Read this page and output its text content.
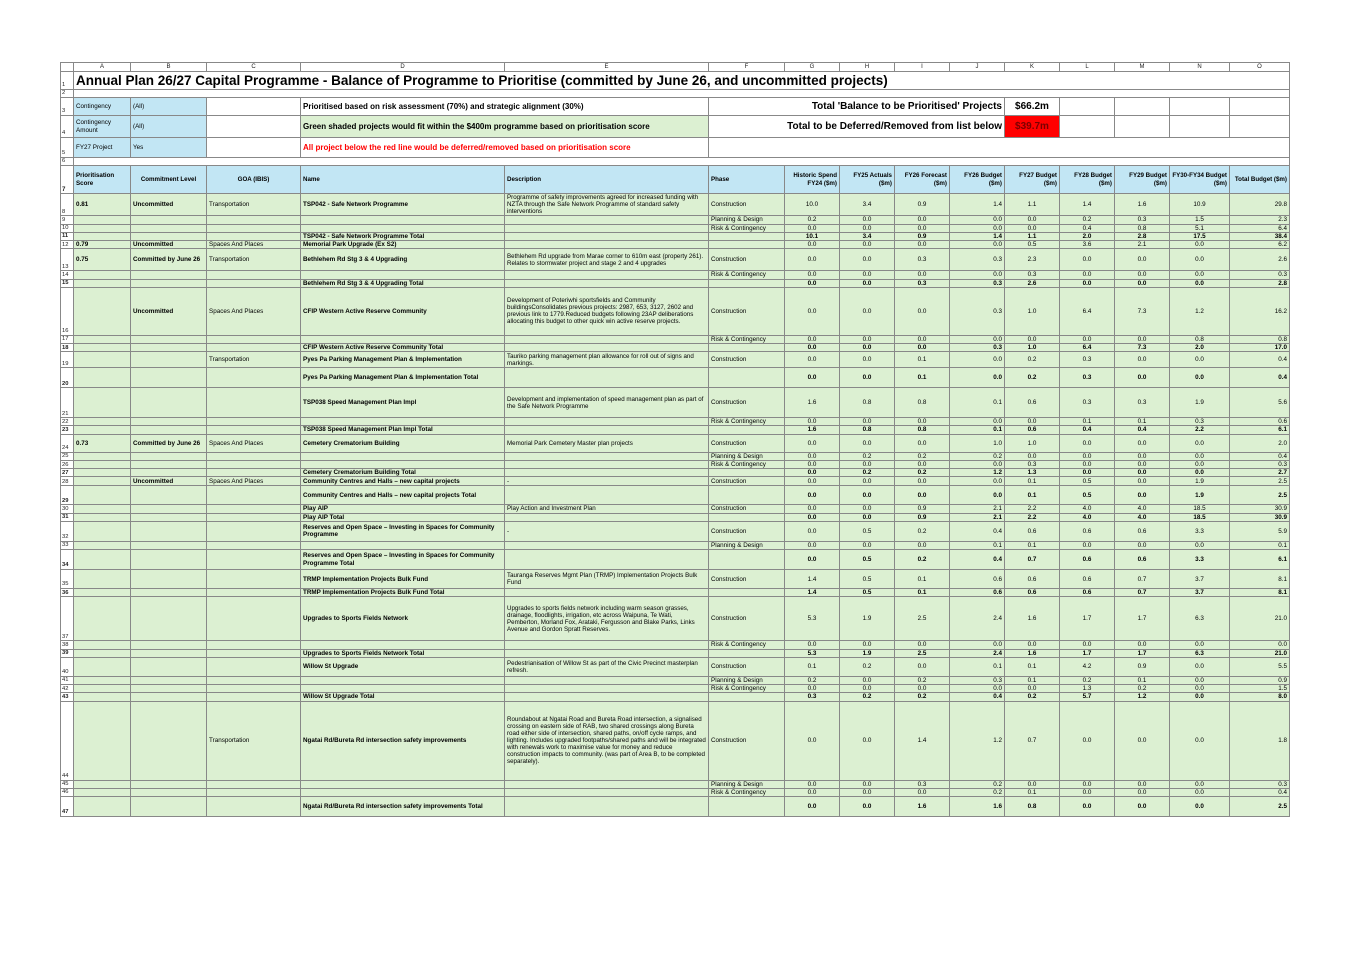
	A	B	C	D	E	F	G	H	I	J	K	L	M	N	O
1	Annual Plan 26/27 Capital Programme - Balance of Programme to Prioritise (committed by June 26, and uncommitted projects)														
2															
3	Contingency	(All)		Prioritised based on risk assessment (70%) and strategic alignment (30%)		Total 'Balance to be Prioritised' Projects					$66.2m				
4	Contingency Amount	(All)		Green shaded projects would fit within the $400m programme based on prioritisation score		Total to be Deferred/Removed from list below					$39.7m				
5	FY27 Project	Yes		All project below the red line would be deferred/removed based on prioritisation score											
6															
7	Prioritisation Score	Commitment Level	GOA (IBIS)	Name	Description	Phase	Historic Spend FY24 ($m)	FY25 Actuals ($m)	FY26 Forecast ($m)	FY26 Budget ($m)	FY27 Budget ($m)	FY28 Budget ($m)	FY29 Budget ($m)	FY30-FY34 Budget ($m)	Total Budget ($m)
8	0.81	Uncommitted	Transportation	TSP042 - Safe Network Programme	Programme of safety improvements agreed for increased funding with NZTA through the Safe Network Programme of standard safety interventions	Construction	10.0	3.4	0.9	1.4	1.1	1.4	1.6	10.9	29.8
9						Planning & Design	0.2	0.0	0.0	0.0	0.0	0.2	0.3	1.5	2.3
10						Risk & Contingency	0.0	0.0	0.0	0.0	0.0	0.4	0.8	5.1	6.4
11				TSP042 - Safe Network Programme Total			10.1	3.4	0.9	1.4	1.1	2.0	2.8	17.5	38.4
12	0.79	Uncommitted	Spaces And Places	Memorial Park Upgrade (Ex S2)			0.0	0.0	0.0	0.0	0.5	3.6	2.1	0.0	6.2
13	0.75	Committed by June 26	Transportation	Bethlehem Rd Stg 3 & 4 Upgrading	Bethlehem Rd upgrade from Marae corner to 610m east (property 261). Relates to stormwater project and stage 2 and 4 upgrades	Construction	0.0	0.0	0.3	0.3	2.3	0.0	0.0	0.0	2.6
14						Risk & Contingency	0.0	0.0	0.0	0.0	0.3	0.0	0.0	0.0	0.3
15				Bethlehem Rd Stg 3 & 4 Upgrading Total			0.0	0.0	0.3	0.3	2.6	0.0	0.0	0.0	2.8
16		Uncommitted	Spaces And Places	CFIP Western Active Reserve Community	Development of Poteriwhi sportsfields and Community buildingsConsolidates previous projects: 2987, 653, 3127, 2602 and previous link to 1779.Reduced budgets following 23AP deliberations allocating this budget to other quick win active reserve projects.	Construction	0.0	0.0	0.0	0.3	1.0	6.4	7.3	1.2	16.2
17						Risk & Contingency	0.0	0.0	0.0	0.0	0.0	0.0	0.0	0.8	0.8
18				CFIP Western Active Reserve Community Total			0.0	0.0	0.0	0.3	1.0	6.4	7.3	2.0	17.0
19			Transportation	Pyes Pa Parking Management Plan & Implementation	Tauriko parking management plan allowance for roll out of signs and markings.	Construction	0.0	0.0	0.1	0.0	0.2	0.3	0.0	0.0	0.4
20				Pyes Pa Parking Management Plan & Implementation Total			0.0	0.0	0.1	0.0	0.2	0.3	0.0	0.0	0.4
21				TSP038 Speed Management Plan Impl	Development and implementation of speed management plan as part of the Safe Network Programme	Construction	1.6	0.8	0.8	0.1	0.6	0.3	0.3	1.9	5.6
22						Risk & Contingency	0.0	0.0	0.0	0.0	0.0	0.1	0.1	0.3	0.6
23				TSP038 Speed Management Plan Impl Total			1.6	0.8	0.8	0.1	0.6	0.4	0.4	2.2	6.1
24	0.73	Committed by June 26	Spaces And Places	Cemetery Crematorium Building	Memorial Park Cemetery Master plan projects	Construction	0.0	0.0	0.0	1.0	1.0	0.0	0.0	0.0	2.0
25						Planning & Design	0.0	0.2	0.2	0.2	0.0	0.0	0.0	0.0	0.4
26						Risk & Contingency	0.0	0.0	0.0	0.0	0.3	0.0	0.0	0.0	0.3
27				Cemetery Crematorium Building Total			0.0	0.2	0.2	1.2	1.3	0.0	0.0	0.0	2.7
28		Uncommitted	Spaces And Places	Community Centres and Halls – new capital projects	-	Construction	0.0	0.0	0.0	0.0	0.1	0.5	0.0	1.9	2.5
29				Community Centres and Halls – new capital projects Total			0.0	0.0	0.0	0.0	0.1	0.5	0.0	1.9	2.5
30				Play AIP	Play Action and Investment Plan	Construction	0.0	0.0	0.9	2.1	2.2	4.0	4.0	18.5	30.9
31				Play AIP Total			0.0	0.0	0.9	2.1	2.2	4.0	4.0	18.5	30.9
32				Reserves and Open Space – Investing in Spaces for Community Programme	-	Construction	0.0	0.5	0.2	0.4	0.6	0.6	0.6	3.3	5.9
33						Planning & Design	0.0	0.0	0.0	0.1	0.1	0.0	0.0	0.0	0.1
34				Reserves and Open Space – Investing in Spaces for Community Programme Total			0.0	0.5	0.2	0.4	0.7	0.6	0.6	3.3	6.1
35				TRMP Implementation Projects Bulk Fund	Tauranga Reserves Mgmt Plan (TRMP) Implementation Projects Bulk Fund	Construction	1.4	0.5	0.1	0.6	0.6	0.6	0.7	3.7	8.1
36				TRMP Implementation Projects Bulk Fund Total			1.4	0.5	0.1	0.6	0.6	0.6	0.7	3.7	8.1
37				Upgrades to Sports Fields Network	Upgrades to sports fields network including warm season grasses, drainage, floodlights, irrigation, etc across Waipuna, Te Wati, Pemberton, Morland Fox, Arataki, Fergusson and Blake Parks, Links Avenue and Gordon Spratt Reserves.	Construction	5.3	1.9	2.5	2.4	1.6	1.7	1.7	6.3	21.0
38						Risk & Contingency	0.0	0.0	0.0	0.0	0.0	0.0	0.0	0.0	0.0
39				Upgrades to Sports Fields Network Total			5.3	1.9	2.5	2.4	1.6	1.7	1.7	6.3	21.0
40				Willow St Upgrade	Pedestrianisation of Willow St as part of the Civic Precinct masterplan refresh.	Construction	0.1	0.2	0.0	0.1	0.1	4.2	0.9	0.0	5.5
41						Planning & Design	0.2	0.0	0.2	0.3	0.1	0.2	0.1	0.0	0.9
42						Risk & Contingency	0.0	0.0	0.0	0.0	0.0	1.3	0.2	0.0	1.5
43				Willow St Upgrade Total			0.3	0.2	0.2	0.4	0.2	5.7	1.2	0.0	8.0
44			Transportation	Ngatai Rd/Bureta Rd intersection safety improvements	Roundabout at Ngatai Road and Bureta Road intersection, a signalised crossing on eastern side of RAB, two shared crossings along Bureta road either side of intersection, shared paths, on/off cycle ramps, and lighting. Includes upgraded footpaths/shared paths and will be integrated with renewals work to maximise value for money and reduce construction impacts to community. (was part of Area B, to be completed separately).	Construction	0.0	0.0	1.4	1.2	0.7	0.0	0.0	0.0	1.8
45						Planning & Design	0.0	0.0	0.3	0.2	0.0	0.0	0.0	0.0	0.3
46						Risk & Contingency	0.0	0.0	0.0	0.2	0.1	0.0	0.0	0.0	0.4
47				Ngatai Rd/Bureta Rd intersection safety improvements Total			0.0	0.0	1.6	1.6	0.8	0.0	0.0	0.0	2.5
